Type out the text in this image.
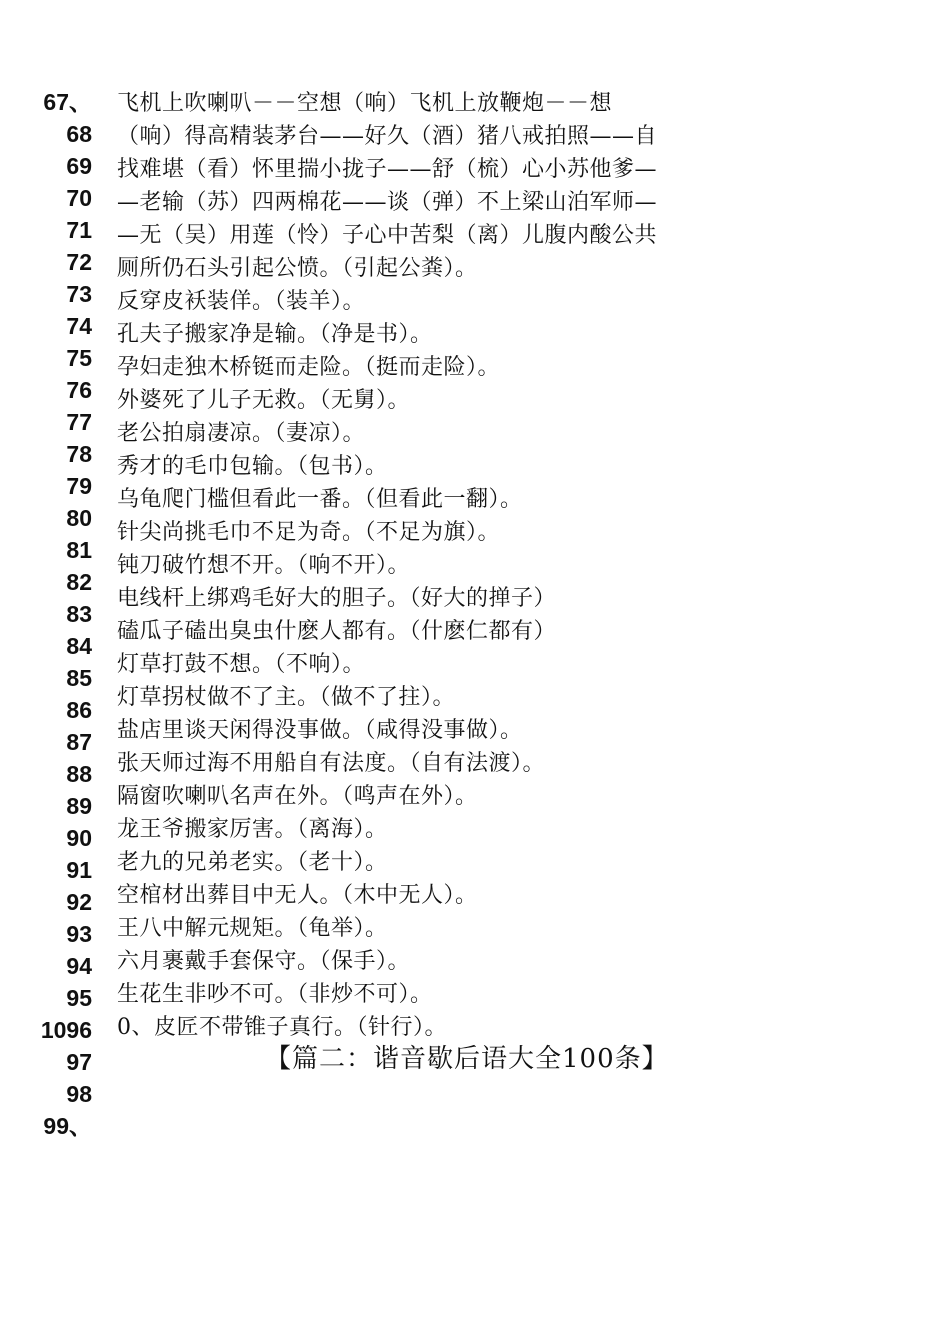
67、
68
69
70
71
72
73
74
75
76
77
78
79
80
81
82
83
84
85
86
87
88
89
90
91
92
93
94
95
1096
97
98
99、
飞机上吹喇叭－－空想（响）飞机上放鞭炮－－想
（响）得高精装茅台——好久（酒）猪八戒拍照——自
找难堪（看）怀里揣小拢子——舒（梳）心小苏他爹—
—老输（苏）四两棉花——谈（弹）不上梁山泊军师—
—无（吴）用莲（怜）子心中苦梨（离）儿腹内酸公共
厕所仍石头引起公愤。（引起公粪）。
反穿皮袄装佯。（装羊）。
孔夫子搬家净是输。（净是书）。
孕妇走独木桥铤而走险。（挺而走险）。
外婆死了儿子无救。（无舅）。
老公拍扇凄凉。（妻凉）。
秀才的毛巾包输。（包书）。
乌龟爬门槛但看此一番。（但看此一翻）。
针尖尚挑毛巾不足为奇。（不足为旗）。
钝刀破竹想不开。（响不开）。
电线杆上绑鸡毛好大的胆子。（好大的掸子）
磕瓜子磕出臭虫什麽人都有。（什麽仁都有）
灯草打鼓不想。（不响）。
灯草拐杖做不了主。（做不了拄）。
盐店里谈天闲得没事做。（咸得没事做）。
张天师过海不用船自有法度。（自有法渡）。
隔窗吹喇叭名声在外。（鸣声在外）。
龙王爷搬家厉害。（离海）。
老九的兄弟老实。（老十）。
空棺材出葬目中无人。（木中无人）。
王八中解元规矩。（龟举）。
六月裹戴手套保守。（保手）。
生花生非吵不可。（非炒不可）。
0、皮匠不带锥子真行。（针行）。
【篇二：谐音歇后语大全100条】
